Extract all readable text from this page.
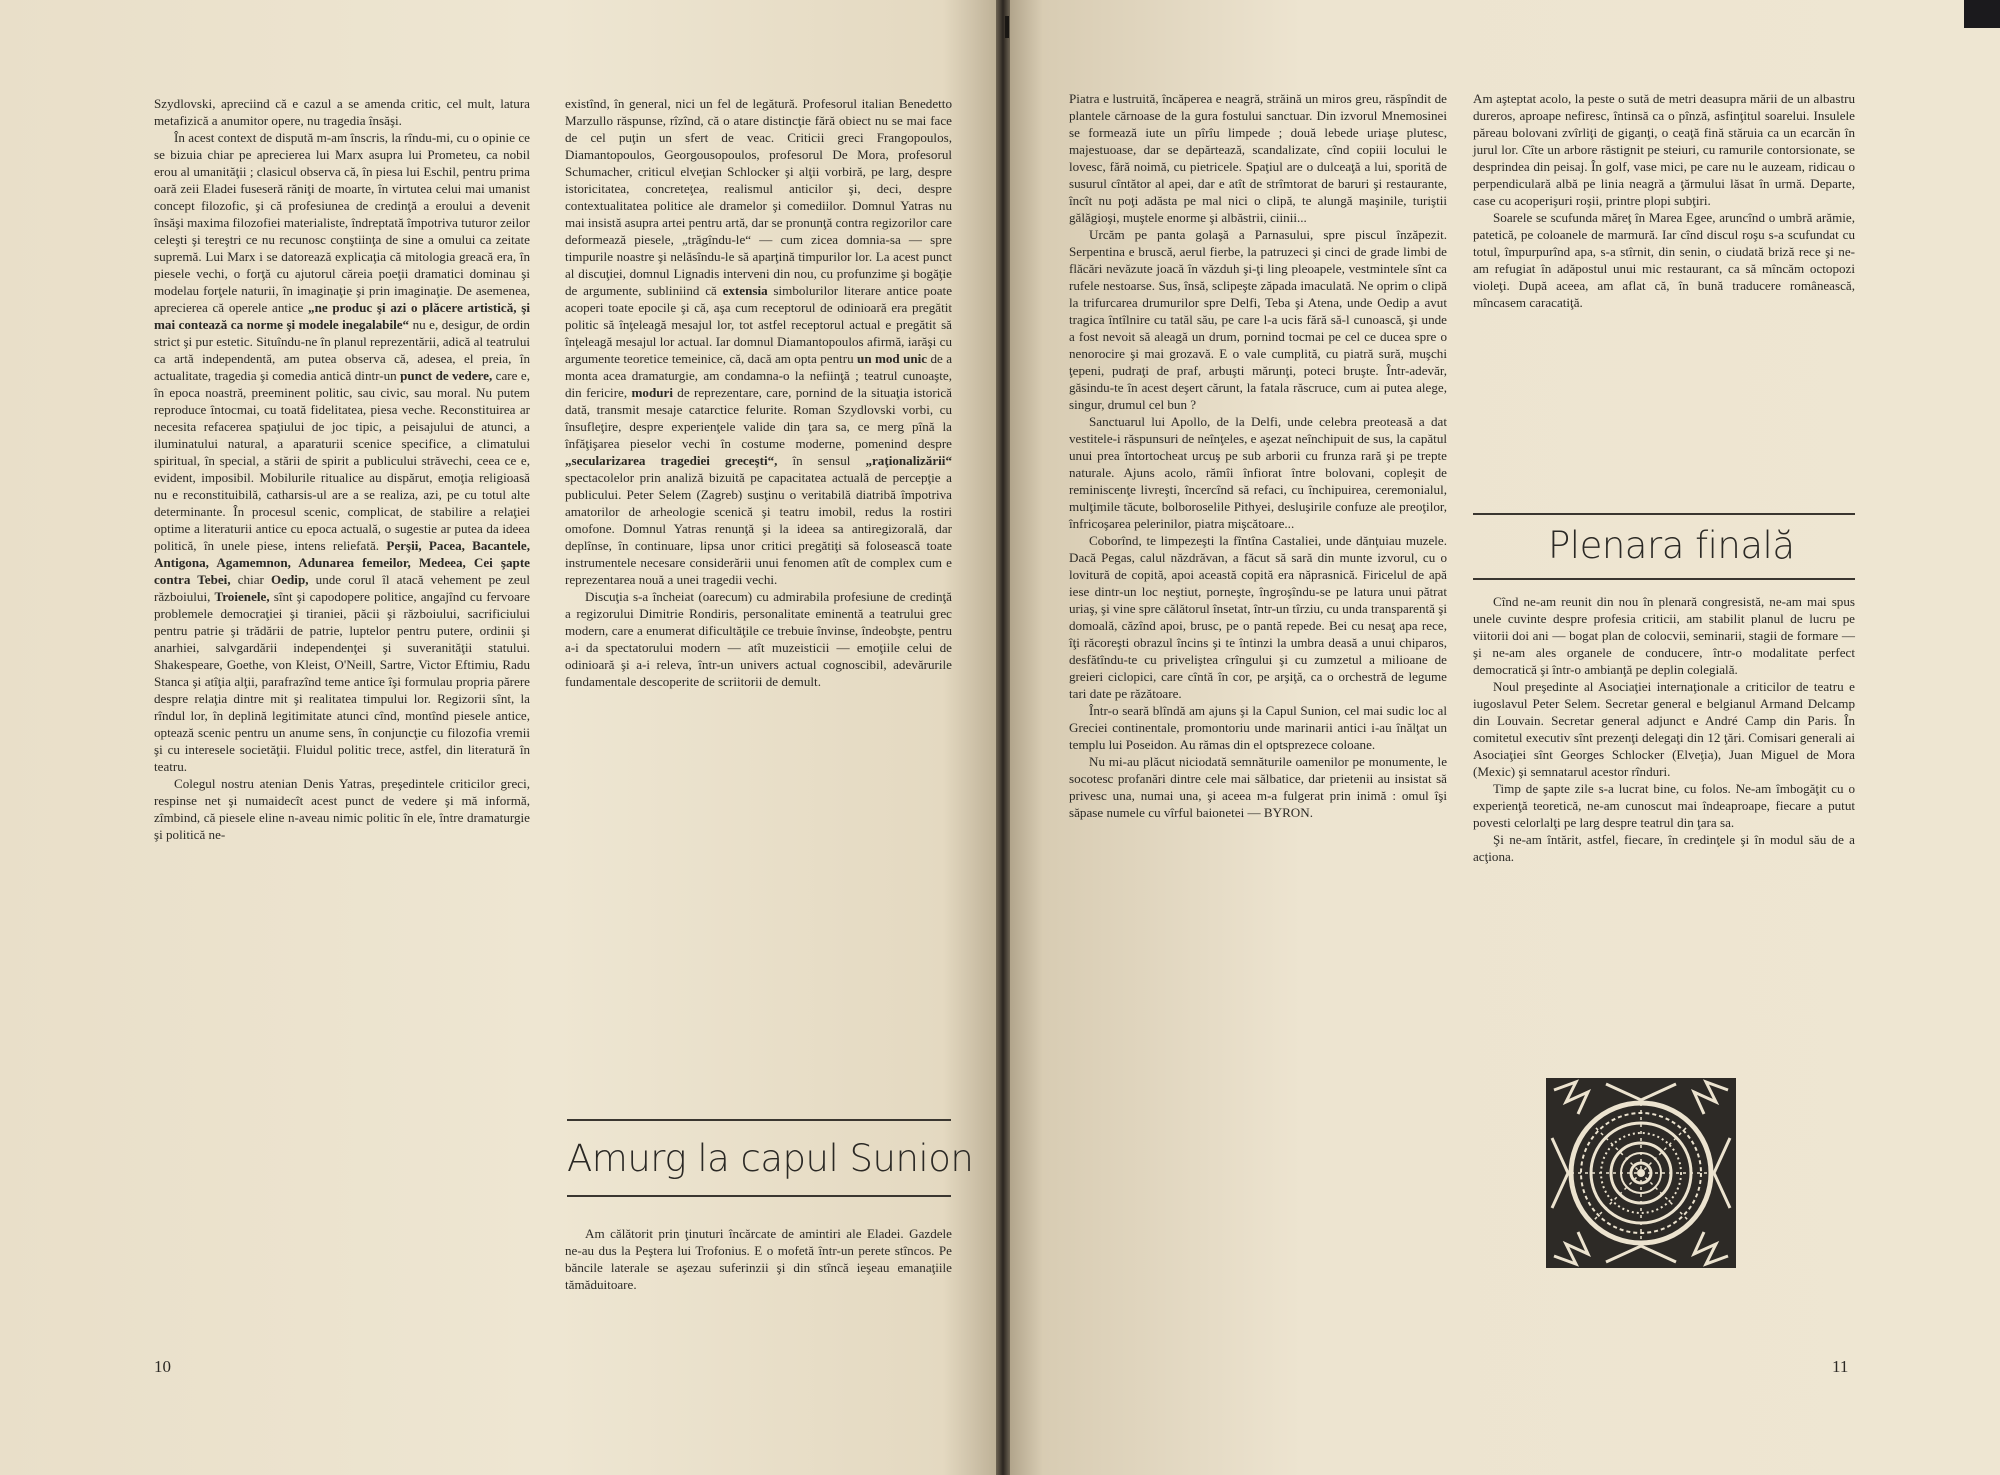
Szydlovski, apreciind că e cazul a se amenda critic, cel mult, latura metafizică a anumitor opere, nu tragedia însăşi.

În acest context de dispută m-am înscris, la rîndu-mi, cu o opinie ce se bizuia chiar pe aprecierea lui Marx asupra lui Prometeu, ca nobil erou al umanităţii ; clasicul observa că, în piesa lui Eschil, pentru prima oară zeii Eladei fuseseră răniţi de moarte, în virtutea celui mai umanist concept filozofic, şi că profesiunea de credinţă a eroului a devenit însăşi maxima filozofiei materialiste, îndreptată împotriva tuturor zeilor celeşti şi tereştri ce nu recunosc conştiinţa de sine a omului ca zeitate supremă. Lui Marx i se datorează explicaţia că mitologia greacă era, în piesele vechi, o forţă cu ajutorul căreia poeţii dramatici dominau şi modelau forţele naturii, în imaginaţie şi prin imaginaţie. De asemenea, aprecierea că operele antice „ne produc şi azi o plăcere artistică, şi mai contează ca norme şi modele inegalabile“ nu e, desigur, de ordin strict şi pur estetic. Situîndu-ne în planul reprezentării, adică al teatrului ca artă independentă, am putea observa că, adesea, el preia, în actualitate, tragedia şi comedia antică dintr-un punct de vedere, care e, în epoca noastră, preeminent politic, sau civic, sau moral. Nu putem reproduce întocmai, cu toată fidelitatea, piesa veche. Reconstituirea ar necesita refacerea spaţiului de joc tipic, a peisajului de atunci, a iluminatului natural, a aparaturii scenice specifice, a climatului spiritual, în special, a stării de spirit a publicului străvechi, ceea ce e, evident, imposibil. Mobilurile ritualice au dispărut, emoţia religioasă nu e reconstituibilă, catharsis-ul are a se realiza, azi, pe cu totul alte determinante. În procesul scenic, complicat, de stabilire a relaţiei optime a literaturii antice cu epoca actuală, o sugestie ar putea da ideea politică, în unele piese, intens reliefată. Perşii, Pacea, Bacantele, Antigona, Agamemnon, Adunarea femeilor, Medeea, Cei şapte contra Tebei, chiar Oedip, unde corul îl atacă vehement pe zeul războiului, Troienele, sînt şi capodopere politice, angajînd cu fervoare problemele democraţiei şi tiraniei, păcii şi războiului, sacrificiului pentru patrie şi trădării de patrie, luptelor pentru putere, ordinii şi anarhiei, salvgardării independenţei şi suveranităţii statului. Shakespeare, Goethe, von Kleist, O'Neill, Sartre, Victor Eftimiu, Radu Stanca şi atîţia alţii, parafrazînd teme antice îşi formulau propria părere despre relaţia dintre mit şi realitatea timpului lor. Regizorii sînt, la rîndul lor, în deplină legitimitate atunci cînd, montînd piesele antice, optează scenic pentru un anume sens, în conjuncţie cu filozofia vremii şi cu interesele societăţii. Fluidul politic trece, astfel, din literatură în teatru.

Colegul nostru atenian Denis Yatras, preşedintele criticilor greci, respinse net şi numaidecît acest punct de vedere şi mă informă, zîmbind, că piesele eline n-aveau nimic politic în ele, între dramaturgie şi politică ne-

existînd, în general, nici un fel de legătură. Profesorul italian Benedetto Marzullo răspunse, rîzînd, că o atare distincţie fără obiect nu se mai face de cel puţin un sfert de veac. Criticii greci Frangopoulos, Diamantopoulos, Georgousopoulos, profesorul De Mora, profesorul Schumacher, criticul elveţian Schlocker şi alţii vorbiră, pe larg, despre istoricitatea, concreteţea, realismul anticilor şi, deci, despre contextualitatea politice ale dramelor şi comediilor. Domnul Yatras nu mai insistă asupra artei pentru artă, dar se pronunţă contra regizorilor care deformează piesele, „trăgîndu-le“ — cum zicea domnia-sa — spre timpurile noastre şi nelăsîndu-le să aparţină timpurilor lor. La acest punct al discuţiei, domnul Lignadis interveni din nou, cu profunzime şi bogăţie de argumente, subliniind că extensia simbolurilor literare antice poate acoperi toate epocile şi că, aşa cum receptorul de odinioară era pregătit politic să înţeleagă mesajul lor, tot astfel receptorul actual e pregătit să înţeleagă mesajul lor actual. Iar domnul Diamantopoulos afirmă, iarăşi cu argumente teoretice temeinice, că, dacă am opta pentru un mod unic de a monta acea dramaturgie, am condamna-o la nefiinţă ; teatrul cunoaşte, din fericire, moduri de reprezentare, care, pornind de la situaţia istorică dată, transmit mesaje catarctice felurite. Roman Szydlovski vorbi, cu însufleţire, despre experienţele valide din ţara sa, ce merg pînă la înfăţişarea pieselor vechi în costume moderne, pomenind despre „secularizarea tragediei greceşti“, în sensul „raţionalizării“ spectacolelor prin analiză bizuită pe capacitatea actuală de percepţie a publicului. Peter Selem (Zagreb) susţinu o veritabilă diatribă împotriva amatorilor de arheologie scenică şi teatru imobil, redus la rostiri omofone. Domnul Yatras renunţă şi la ideea sa antiregizorală, dar deplînse, în continuare, lipsa unor critici pregătiţi să folosească toate instrumentele necesare considerării unui fenomen atît de complex cum e reprezentarea nouă a unei tragedii vechi.

Discuţia s-a încheiat (oarecum) cu admirabila profesiune de credinţă a regizorului Dimitrie Rondiris, personalitate eminentă a teatrului grec modern, care a enumerat dificultăţile ce trebuie învinse, îndeobşte, pentru a-i da spectatorului modern — atît muzeisticii — emoţiile celui de odinioară şi a-i releva, într-un univers actual cognoscibil, adevărurile fundamentale descoperite de scriitorii de demult.

Amurg la capul Sunion

Am călătorit prin ţinuturi încărcate de amintiri ale Eladei. Gazdele ne-au dus la Peştera lui Trofonius. E o mofetă într-un perete stîncos. Pe băncile laterale se aşezau suferinzii şi din stîncă ieşeau emanaţiile tămăduitoare.

10

Piatra e lustruită, încăperea e neagră, străină un miros greu, răspîndit de plantele cărnoase de la gura fostului sanctuar. Din izvorul Mnemosinei se formează iute un pîrîu limpede ; două lebede uriaşe plutesc, majestuoase, dar se depărtează, scandalizate, cînd copiii locului le lovesc, fără noimă, cu pietricele. Spaţiul are o dulceaţă a lui, sporită de susurul cîntător al apei, dar e atît de strîmtorat de baruri şi restaurante, încît nu poţi adăsta pe mal nici o clipă, te alungă maşinile, turiştii gălăgioşi, muştele enorme şi albăstrii, ciinii...

Urcăm pe panta golaşă a Parnasului, spre piscul înzăpezit. Serpentina e bruscă, aerul fierbe, la patruzeci şi cinci de grade limbi de flăcări nevăzute joacă în văzduh şi-ţi ling pleoapele, vestmintele sînt ca rufele nestoarse. Sus, însă, sclipeşte zăpada imaculată. Ne oprim o clipă la trifurcarea drumurilor spre Delfi, Teba şi Atena, unde Oedip a avut tragica întîlnire cu tatăl său, pe care l-a ucis fără să-l cunoască, şi unde a fost nevoit să aleagă un drum, pornind tocmai pe cel ce ducea spre o nenorocire şi mai grozavă. E o vale cumplită, cu piatră sură, muşchi ţepeni, pudraţi de praf, arbuşti mărunţi, poteci bruşte. Într-adevăr, găsindu-te în acest deşert cărunt, la fatala răscruce, cum ai putea alege, singur, drumul cel bun ?

Sanctuarul lui Apollo, de la Delfi, unde celebra preoteasă a dat vestitele-i răspunsuri de neînţeles, e aşezat neînchipuit de sus, la capătul unui prea întortocheat urcuş pe sub arborii cu frunza rară şi pe trepte naturale. Ajuns acolo, rămîi înfiorat între bolovani, copleşit de reminiscenţe livreşti, încercînd să refaci, cu închipuirea, ceremonialul, mulţimile tăcute, bolboroselile Pithyei, desluşirile confuze ale preoţilor, înfricoşarea pelerinilor, piatra mişcătoare...

Coborînd, te limpezeşti la fîntîna Castaliei, unde dănţuiau muzele. Dacă Pegas, calul năzdrăvan, a făcut să sară din munte izvorul, cu o lovitură de copită, apoi această copită era năprasnică. Firicelul de apă iese dintr-un loc neştiut, porneşte, îngroşîndu-se pe latura unui pătrat uriaş, şi vine spre călătorul însetat, într-un tîrziu, cu unda transparentă şi domoală, căzînd apoi, brusc, pe o pantă repede. Bei cu nesaţ apa rece, îţi răcoreşti obrazul încins şi te întinzi la umbra deasă a unui chiparos, desfătîndu-te cu priveliştea crîngului şi cu zumzetul a milioane de greieri ciclopici, care cîntă în cor, pe arşiţă, ca o orchestră de legume tari date pe răzătoare.

Într-o seară blîndă am ajuns şi la Capul Sunion, cel mai sudic loc al Greciei continentale, promontoriu unde marinarii antici i-au înălţat un templu lui Poseidon. Au rămas din el optsprezece coloane.

Nu mi-au plăcut niciodată semnăturile oamenilor pe monumente, le socotesc profanări dintre cele mai sălbatice, dar prietenii au insistat să privesc una, numai una, şi aceea m-a fulgerat prin inimă : omul îşi săpase numele cu vîrful baionetei — BYRON.

Am aşteptat acolo, la peste o sută de metri deasupra mării de un albastru dureros, aproape nefiresc, întinsă ca o pînză, asfinţitul soarelui. Insulele păreau bolovani zvîrliţi de giganţi, o ceaţă fină stăruia ca un ecarcăn în jurul lor. Cîte un arbore răstignit pe steiuri, cu ramurile contorsionate, se desprindea din peisaj. În golf, vase mici, pe care nu le auzeam, ridicau o perpendiculară albă pe linia neagră a ţărmului lăsat în urmă. Departe, case cu acoperişuri roşii, printre plopi subţiri.

Soarele se scufunda măreţ în Marea Egee, aruncînd o umbră arămie, patetică, pe coloanele de marmură. Iar cînd discul roşu s-a scufundat cu totul, împurpurînd apa, s-a stîrnit, din senin, o ciudată briză rece şi ne-am refugiat în adăpostul unui mic restaurant, ca să mîncăm octopozi violeţi. După aceea, am aflat că, în bună traducere românească, mîncasem caracatiţă.

Plenara finală

Cînd ne-am reunit din nou în plenară congresistă, ne-am mai spus unele cuvinte despre profesia criticii, am stabilit planul de lucru pe viitorii doi ani — bogat plan de colocvii, seminarii, stagii de formare — şi ne-am ales organele de conducere, într-o modalitate perfect democratică şi într-o ambianţă pe deplin colegială.

Noul preşedinte al Asociaţiei internaţionale a criticilor de teatru e iugoslavul Peter Selem. Secretar general e belgianul Armand Delcamp din Louvain. Secretar general adjunct e André Camp din Paris. În comitetul executiv sînt prezenţi delegaţi din 12 ţări. Comisari generali ai Asociaţiei sînt Georges Schlocker (Elveţia), Juan Miguel de Mora (Mexic) şi semnatarul acestor rînduri.

Timp de şapte zile s-a lucrat bine, cu folos. Ne-am îmbogăţit cu o experienţă teoretică, ne-am cunoscut mai îndeaproape, fiecare a putut povesti celorlalţi pe larg despre teatrul din ţara sa.

Şi ne-am întărit, astfel, fiecare, în credinţele şi în modul său de a acţiona.

11
